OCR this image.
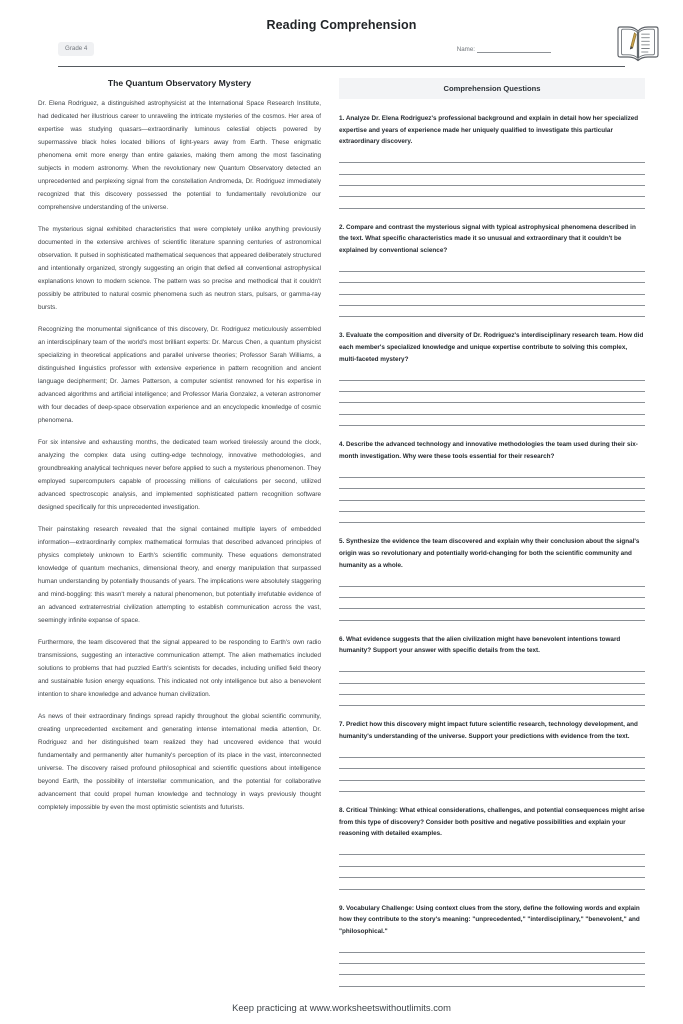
Reading Comprehension
Grade 4	Name:
The Quantum Observatory Mystery
Dr. Elena Rodriguez, a distinguished astrophysicist at the International Space Research Institute, had dedicated her illustrious career to unraveling the intricate mysteries of the cosmos. Her area of expertise was studying quasars—extraordinarily luminous celestial objects powered by supermassive black holes located billions of light-years away from Earth. These enigmatic phenomena emit more energy than entire galaxies, making them among the most fascinating subjects in modern astronomy. When the revolutionary new Quantum Observatory detected an unprecedented and perplexing signal from the constellation Andromeda, Dr. Rodriguez immediately recognized that this discovery possessed the potential to fundamentally revolutionize our comprehensive understanding of the universe.
The mysterious signal exhibited characteristics that were completely unlike anything previously documented in the extensive archives of scientific literature spanning centuries of astronomical observation. It pulsed in sophisticated mathematical sequences that appeared deliberately structured and intentionally organized, strongly suggesting an origin that defied all conventional astrophysical explanations known to modern science. The pattern was so precise and methodical that it couldn't possibly be attributed to natural cosmic phenomena such as neutron stars, pulsars, or gamma-ray bursts.
Recognizing the monumental significance of this discovery, Dr. Rodriguez meticulously assembled an interdisciplinary team of the world's most brilliant experts: Dr. Marcus Chen, a quantum physicist specializing in theoretical applications and parallel universe theories; Professor Sarah Williams, a distinguished linguistics professor with extensive experience in pattern recognition and ancient language decipherment; Dr. James Patterson, a computer scientist renowned for his expertise in advanced algorithms and artificial intelligence; and Professor Maria Gonzalez, a veteran astronomer with four decades of deep-space observation experience and an encyclopedic knowledge of cosmic phenomena.
For six intensive and exhausting months, the dedicated team worked tirelessly around the clock, analyzing the complex data using cutting-edge technology, innovative methodologies, and groundbreaking analytical techniques never before applied to such a mysterious phenomenon. They employed supercomputers capable of processing millions of calculations per second, utilized advanced spectroscopic analysis, and implemented sophisticated pattern recognition software designed specifically for this unprecedented investigation.
Their painstaking research revealed that the signal contained multiple layers of embedded information—extraordinarily complex mathematical formulas that described advanced principles of physics completely unknown to Earth's scientific community. These equations demonstrated knowledge of quantum mechanics, dimensional theory, and energy manipulation that surpassed human understanding by potentially thousands of years. The implications were absolutely staggering and mind-boggling: this wasn't merely a natural phenomenon, but potentially irrefutable evidence of an advanced extraterrestrial civilization attempting to establish communication across the vast, seemingly infinite expanse of space.
Furthermore, the team discovered that the signal appeared to be responding to Earth's own radio transmissions, suggesting an interactive communication attempt. The alien mathematics included solutions to problems that had puzzled Earth's scientists for decades, including unified field theory and sustainable fusion energy equations. This indicated not only intelligence but also a benevolent intention to share knowledge and advance human civilization.
As news of their extraordinary findings spread rapidly throughout the global scientific community, creating unprecedented excitement and generating intense international media attention, Dr. Rodriguez and her distinguished team realized they had uncovered evidence that would fundamentally and permanently alter humanity's perception of its place in the vast, interconnected universe. The discovery raised profound philosophical and scientific questions about intelligence beyond Earth, the possibility of interstellar communication, and the potential for collaborative advancement that could propel human knowledge and technology in ways previously thought completely impossible by even the most optimistic scientists and futurists.
Comprehension Questions
1. Analyze Dr. Elena Rodriguez's professional background and explain in detail how her specialized expertise and years of experience made her uniquely qualified to investigate this particular extraordinary discovery.
2. Compare and contrast the mysterious signal with typical astrophysical phenomena described in the text. What specific characteristics made it so unusual and extraordinary that it couldn't be explained by conventional science?
3. Evaluate the composition and diversity of Dr. Rodriguez's interdisciplinary research team. How did each member's specialized knowledge and unique expertise contribute to solving this complex, multi-faceted mystery?
4. Describe the advanced technology and innovative methodologies the team used during their six-month investigation. Why were these tools essential for their research?
5. Synthesize the evidence the team discovered and explain why their conclusion about the signal's origin was so revolutionary and potentially world-changing for both the scientific community and humanity as a whole.
6. What evidence suggests that the alien civilization might have benevolent intentions toward humanity? Support your answer with specific details from the text.
7. Predict how this discovery might impact future scientific research, technology development, and humanity's understanding of the universe. Support your predictions with evidence from the text.
8. Critical Thinking: What ethical considerations, challenges, and potential consequences might arise from this type of discovery? Consider both positive and negative possibilities and explain your reasoning with detailed examples.
9. Vocabulary Challenge: Using context clues from the story, define the following words and explain how they contribute to the story's meaning: "unprecedented," "interdisciplinary," "benevolent," and "philosophical."
Keep practicing at www.worksheetswithoutlimits.com
